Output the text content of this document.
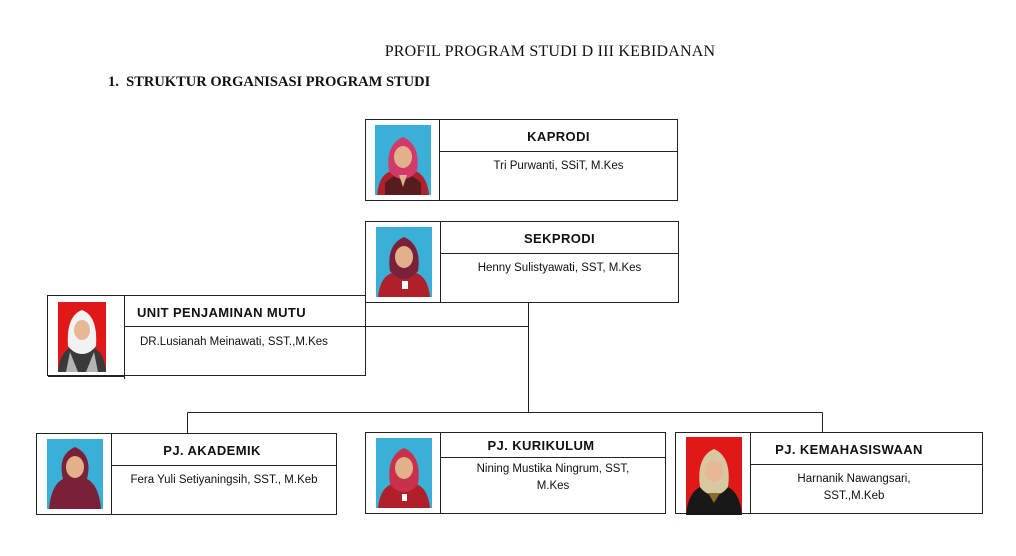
PROFIL PROGRAM STUDI D III KEBIDANAN
1.  STRUKTUR ORGANISASI PROGRAM STUDI
KAPRODI
Tri Purwanti, SSiT, M.Kes
SEKPRODI
Henny Sulistyawati, SST, M.Kes
UNIT PENJAMINAN MUTU
DR.Lusianah Meinawati, SST.,M.Kes
PJ. AKADEMIK
Fera Yuli Setiyaningsih, SST., M.Keb
PJ. KURIKULUM
Nining Mustika Ningrum, SST,
M.Kes
PJ. KEMAHASISWAAN
Harnanik Nawangsari,
SST.,M.Keb
